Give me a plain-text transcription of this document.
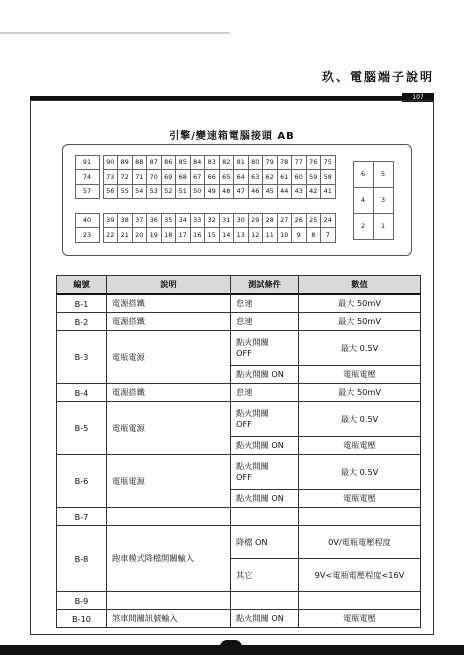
玖、電腦端子說明
107
引擎/變速箱電腦接頭 AB
91
74
57
40
23
90 89 88 87 86 85 84 83 82 81 80 79 78 77 76 75
73 72 71 70 69 68 67 66 65 64 63 62 61 60 59 58
56 55 54 53 52 51 50 49 48 47 46 45 44 43 42 41
39 38 37 36 35 34 33 32 31 30 29 28 27 26 25 24
22 21 20 19 18 17 16 15 14 13 12 11 10	9	8	7
6	5
4	3
2	1
編號	說明	測試條件	數值
B-1	電源搭鐵	怠速	最大 50mV
B-2	電源搭鐵	怠速	最大 50mV
B-3	電瓶電源	點火開關	最大 0.5V
		OFF	
		點火開關 ON	電瓶電壓
B-4	電源搭鐵	怠速	最大 50mV
B-5	電瓶電源	點火開關	最大 0.5V
		OFF	
		點火開關 ON	電瓶電壓
B-6	電瓶電源	點火開關	最大 0.5V
		OFF	
		點火開關 ON	電瓶電壓
B-7			
B-8	跑車模式降檔開關輸入	降檔 ON	0V/電瓶電壓程度
		其它	9V<電瓶電壓程度<16V
B-9			
B-10	煞車開關訊號輸入	點火開關 ON	電瓶電壓
